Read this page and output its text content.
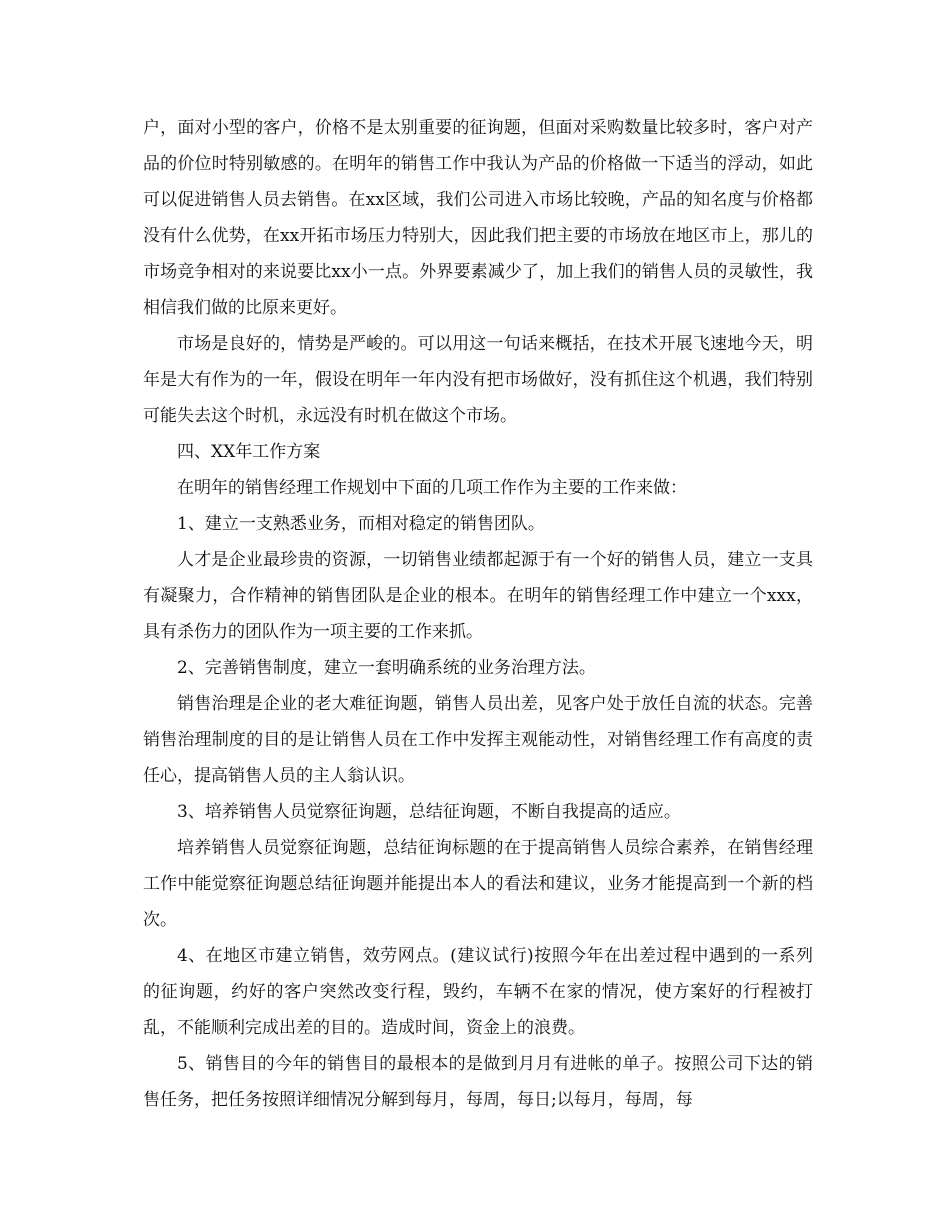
户，面对小型的客户，价格不是太别重要的征询题，但面对采购数量比较多时，客户对产品的价位时特别敏感的。在明年的销售工作中我认为产品的价格做一下适当的浮动，如此可以促进销售人员去销售。在xx区域，我们公司进入市场比较晚，产品的知名度与价格都没有什么优势，在xx开拓市场压力特别大，因此我们把主要的市场放在地区市上，那儿的市场竞争相对的来说要比xx小一点。外界要素减少了，加上我们的销售人员的灵敏性，我相信我们做的比原来更好。

市场是良好的，情势是严峻的。可以用这一句话来概括，在技术开展飞速地今天，明年是大有作为的一年，假设在明年一年内没有把市场做好，没有抓住这个机遇，我们特别可能失去这个时机，永远没有时机在做这个市场。

四、XX年工作方案

在明年的销售经理工作规划中下面的几项工作作为主要的工作来做：

1、建立一支熟悉业务，而相对稳定的销售团队。

人才是企业最珍贵的资源，一切销售业绩都起源于有一个好的销售人员，建立一支具有凝聚力，合作精神的销售团队是企业的根本。在明年的销售经理工作中建立一个xxx，具有杀伤力的团队作为一项主要的工作来抓。

2、完善销售制度，建立一套明确系统的业务治理方法。

销售治理是企业的老大难征询题，销售人员出差，见客户处于放任自流的状态。完善销售治理制度的目的是让销售人员在工作中发挥主观能动性，对销售经理工作有高度的责任心，提高销售人员的主人翁认识。

3、培养销售人员觉察征询题，总结征询题，不断自我提高的适应。

培养销售人员觉察征询题，总结征询标题的在于提高销售人员综合素养，在销售经理工作中能觉察征询题总结征询题并能提出本人的看法和建议，业务才能提高到一个新的档次。

4、在地区市建立销售，效劳网点。(建议试行)按照今年在出差过程中遇到的一系列的征询题，约好的客户突然改变行程，毁约，车辆不在家的情况，使方案好的行程被打乱，不能顺利完成出差的目的。造成时间，资金上的浪费。

5、销售目的今年的销售目的最根本的是做到月月有进帐的单子。按照公司下达的销售任务，把任务按照详细情况分解到每月，每周，每日;以每月，每周，每
